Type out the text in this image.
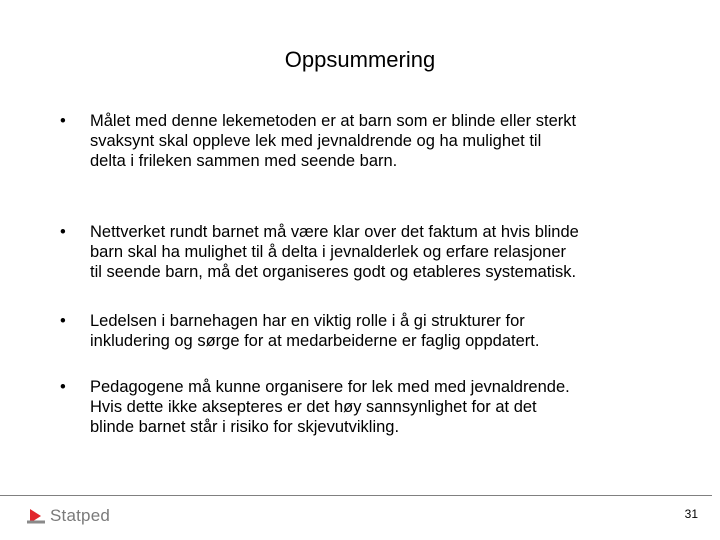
Oppsummering
•	Målet med denne lekemetoden er at barn som er blinde eller sterkt
svaksynt skal oppleve lek med jevnaldrende og ha mulighet til
delta i frileken sammen med seende barn.
•	Nettverket rundt barnet må være klar over det faktum at hvis blinde
barn skal ha mulighet til å delta i jevnalderlek og erfare relasjoner
til seende barn, må det organiseres godt og etableres systematisk.
•	Ledelsen i barnehagen har en viktig rolle i å gi strukturer for
inkludering og sørge for at medarbeiderne er faglig oppdatert.
•	Pedagogene må kunne organisere for lek med med jevnaldrende.
Hvis dette ikke aksepteres er det høy sannsynlighet for at det
blinde barnet står i risiko for skjevutvikling.
Statped	31
